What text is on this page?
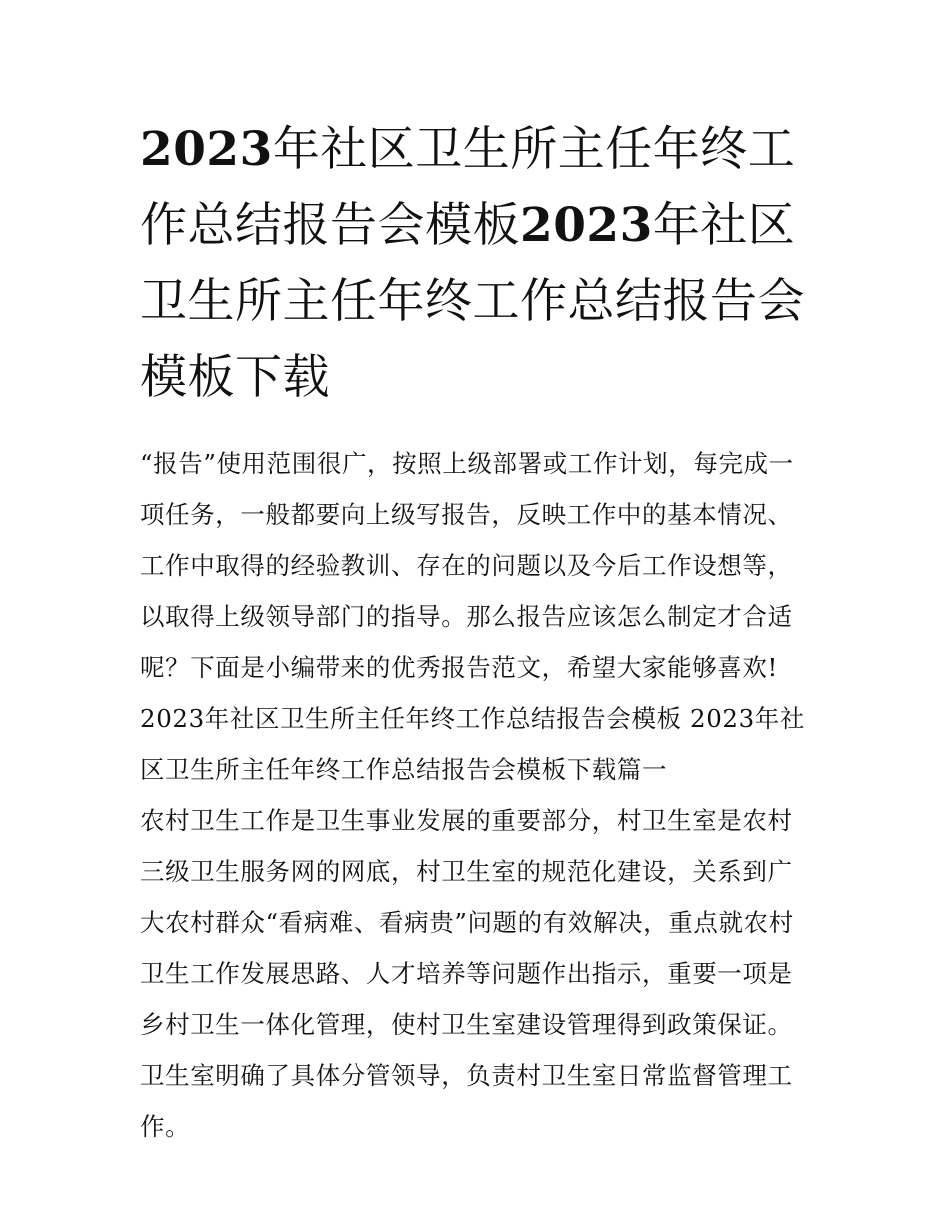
2023年社区卫生所主任年终工作总结报告会模板2023年社区卫生所主任年终工作总结报告会模板下载

“报告”使用范围很广，按照上级部署或工作计划，每完成一项任务，一般都要向上级写报告，反映工作中的基本情况、工作中取得的经验教训、存在的问题以及今后工作设想等，以取得上级领导部门的指导。那么报告应该怎么制定才合适呢？下面是小编带来的优秀报告范文，希望大家能够喜欢!

2023年社区卫生所主任年终工作总结报告会模板 2023年社区卫生所主任年终工作总结报告会模板下载篇一

农村卫生工作是卫生事业发展的重要部分，村卫生室是农村三级卫生服务网的网底，村卫生室的规范化建设，关系到广大农村群众“看病难、看病贵”问题的有效解决，重点就农村卫生工作发展思路、人才培养等问题作出指示，重要一项是乡村卫生一体化管理，使村卫生室建设管理得到政策保证。卫生室明确了具体分管领导，负责村卫生室日常监督管理工作。
